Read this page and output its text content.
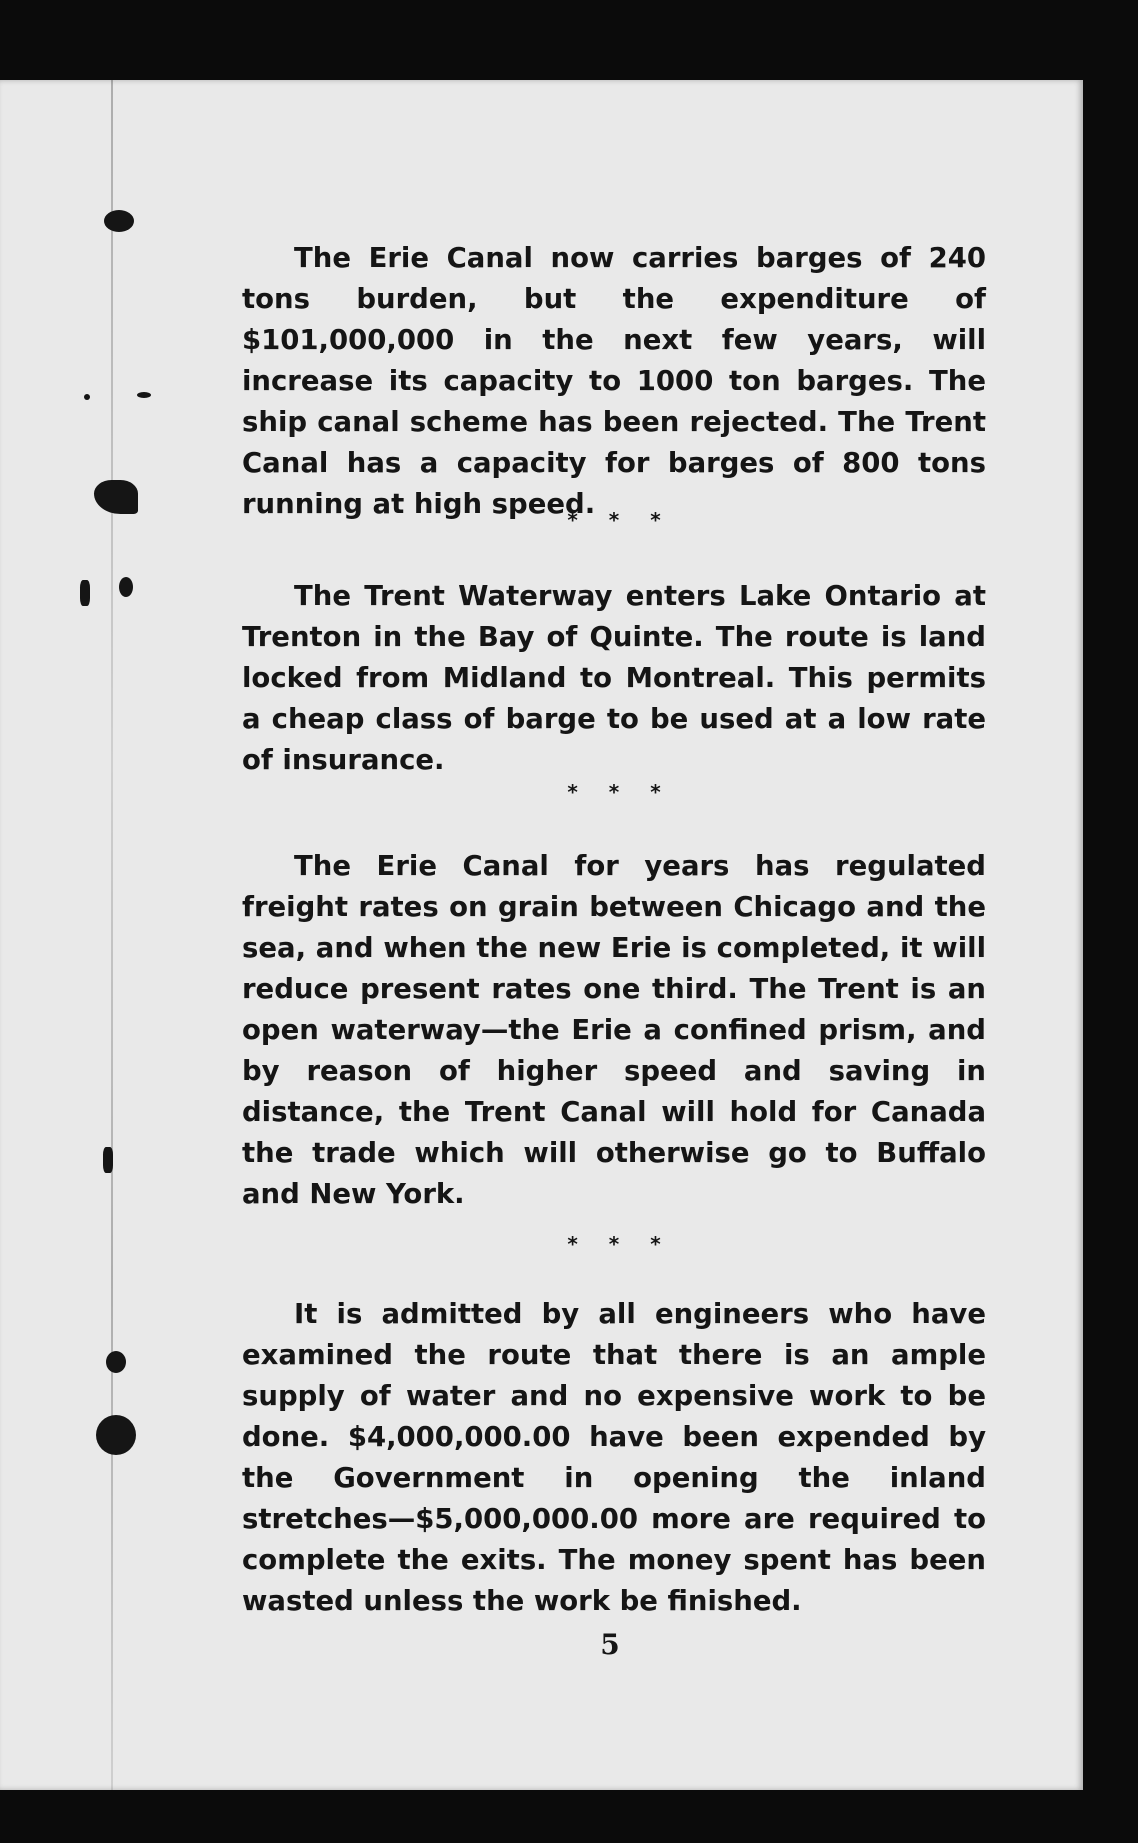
The Erie Canal now carries barges of 240 tons burden, but the expenditure of $101,000,000 in the next few years, will increase its capacity to 1000 ton barges. The ship canal scheme has been rejected. The Trent Canal has a capacity for barges of 800 tons running at high speed.

* * *

The Trent Waterway enters Lake Ontario at Trenton in the Bay of Quinte. The route is land locked from Midland to Montreal. This permits a cheap class of barge to be used at a low rate of insurance.

* * *

The Erie Canal for years has regulated freight rates on grain between Chicago and the sea, and when the new Erie is completed, it will reduce present rates one third. The Trent is an open waterway—the Erie a confined prism, and by reason of higher speed and saving in distance, the Trent Canal will hold for Canada the trade which will otherwise go to Buffalo and New York.

* * *

It is admitted by all engineers who have examined the route that there is an ample supply of water and no expensive work to be done. $4,000,000.00 have been expended by the Government in opening the inland stretches—$5,000,000.00 more are required to complete the exits. The money spent has been wasted unless the work be finished.

5
